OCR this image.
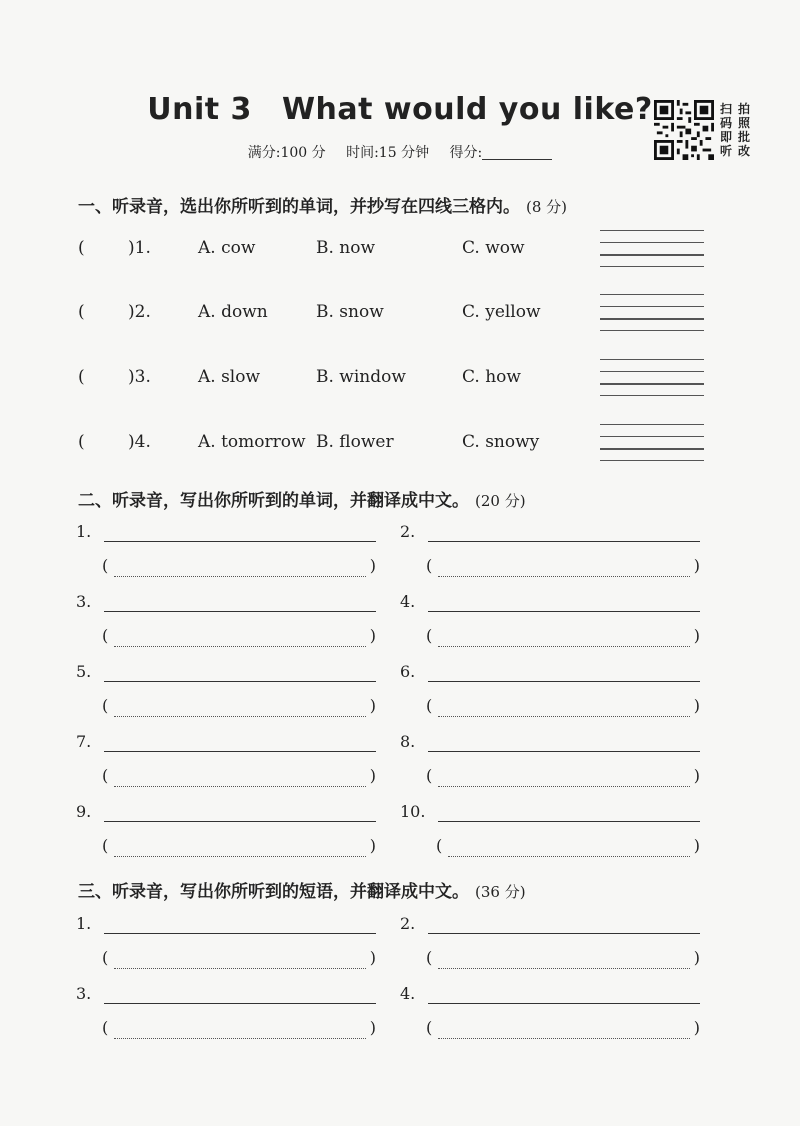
Unit 3 What would you like?
满分:100 分 时间:15 分钟 得分:
扫
码
即
听
拍
照
批
改
一、听录音，选出你所听到的单词，并抄写在四线三格内。 (8 分)
(	)1.	A. cow	B. now	C. wow
(	)2.	A. down	B. snow	C. yellow
(	)3.	A. slow	B. window	C. how
(	)4.	A. tomorrow B. flower	C. snowy
二、听录音，写出你所听到的单词，并翻译成中文。 (20 分)
1.
(	)
2.
(	)
3.
(	)
4.
(	)
5.
(	)
6.
(	)
7.
(	)
8.
(	)
9.
(	)
10.
(	)
三、听录音，写出你所听到的短语，并翻译成中文。 (36 分)
1.
(	)
2.
(	)
3.
(	)
4.
(	)
